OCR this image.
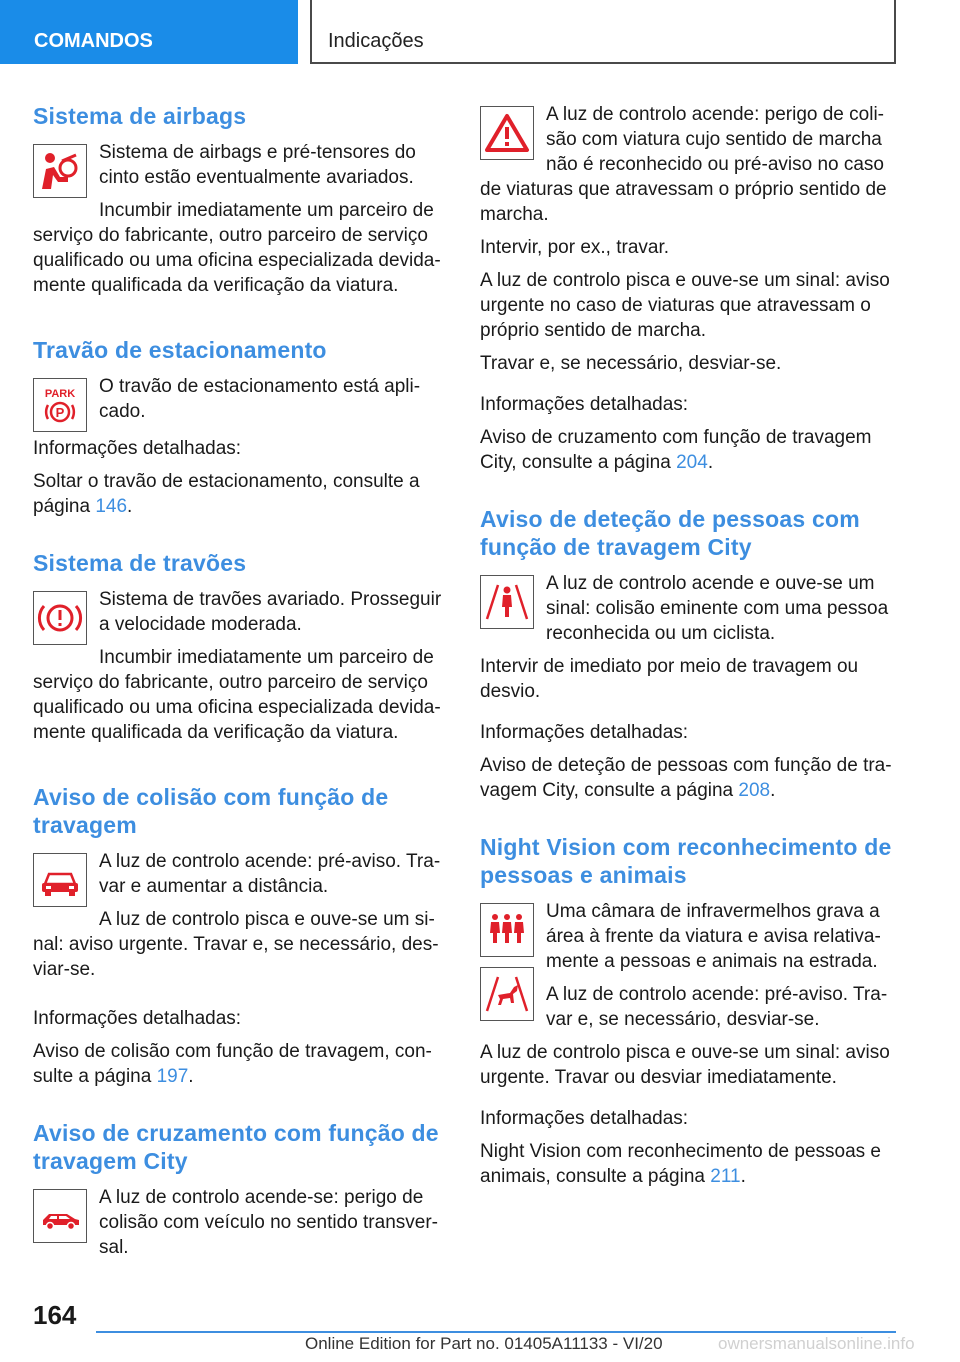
COMANDOS	Indicações
Sistema de airbags
Sistema de airbags e pré-tensores do cinto estão eventualmente avariados.
Incumbir imediatamente um parceiro de serviço do fabricante, outro parceiro de serviço qualificado ou uma oficina especializada devidamente qualificada da verificação da viatura.
Travão de estacionamento
PARK
P
O travão de estacionamento está aplicado.
Informações detalhadas:
Soltar o travão de estacionamento, consulte a página 146.
Sistema de travões
Sistema de travões avariado. Prosseguir a velocidade moderada.
Incumbir imediatamente um parceiro de serviço do fabricante, outro parceiro de serviço qualificado ou uma oficina especializada devidamente qualificada da verificação da viatura.
Aviso de colisão com função de travagem
A luz de controlo acende: pré-aviso. Travar e aumentar a distância.
A luz de controlo pisca e ouve-se um sinal: aviso urgente. Travar e, se necessário, desviar-se.
Informações detalhadas:
Aviso de colisão com função de travagem, consulte a página 197.
Aviso de cruzamento com função de travagem City
A luz de controlo acende-se: perigo de colisão com veículo no sentido transversal.
A luz de controlo acende: perigo de colisão com viatura cujo sentido de marcha não é reconhecido ou pré-aviso no caso de viaturas que atravessam o próprio sentido de marcha.
Intervir, por ex., travar.
A luz de controlo pisca e ouve-se um sinal: aviso urgente no caso de viaturas que atravessam o próprio sentido de marcha.
Travar e, se necessário, desviar-se.
Informações detalhadas:
Aviso de cruzamento com função de travagem City, consulte a página 204.
Aviso de deteção de pessoas com função de travagem City
A luz de controlo acende e ouve-se um sinal: colisão eminente com uma pessoa reconhecida ou um ciclista.
Intervir de imediato por meio de travagem ou desvio.
Informações detalhadas:
Aviso de deteção de pessoas com função de travagem City, consulte a página 208.
Night Vision com reconhecimento de pessoas e animais
Uma câmara de infravermelhos grava a área à frente da viatura e avisa relativamente a pessoas e animais na estrada.
A luz de controlo acende: pré-aviso. Travar e, se necessário, desviar-se.
A luz de controlo pisca e ouve-se um sinal: aviso urgente. Travar ou desviar imediatamente.
Informações detalhadas:
Night Vision com reconhecimento de pessoas e animais, consulte a página 211.
164
Online Edition for Part no. 01405A11133 - VI/20	ownersmanualsonline.info
